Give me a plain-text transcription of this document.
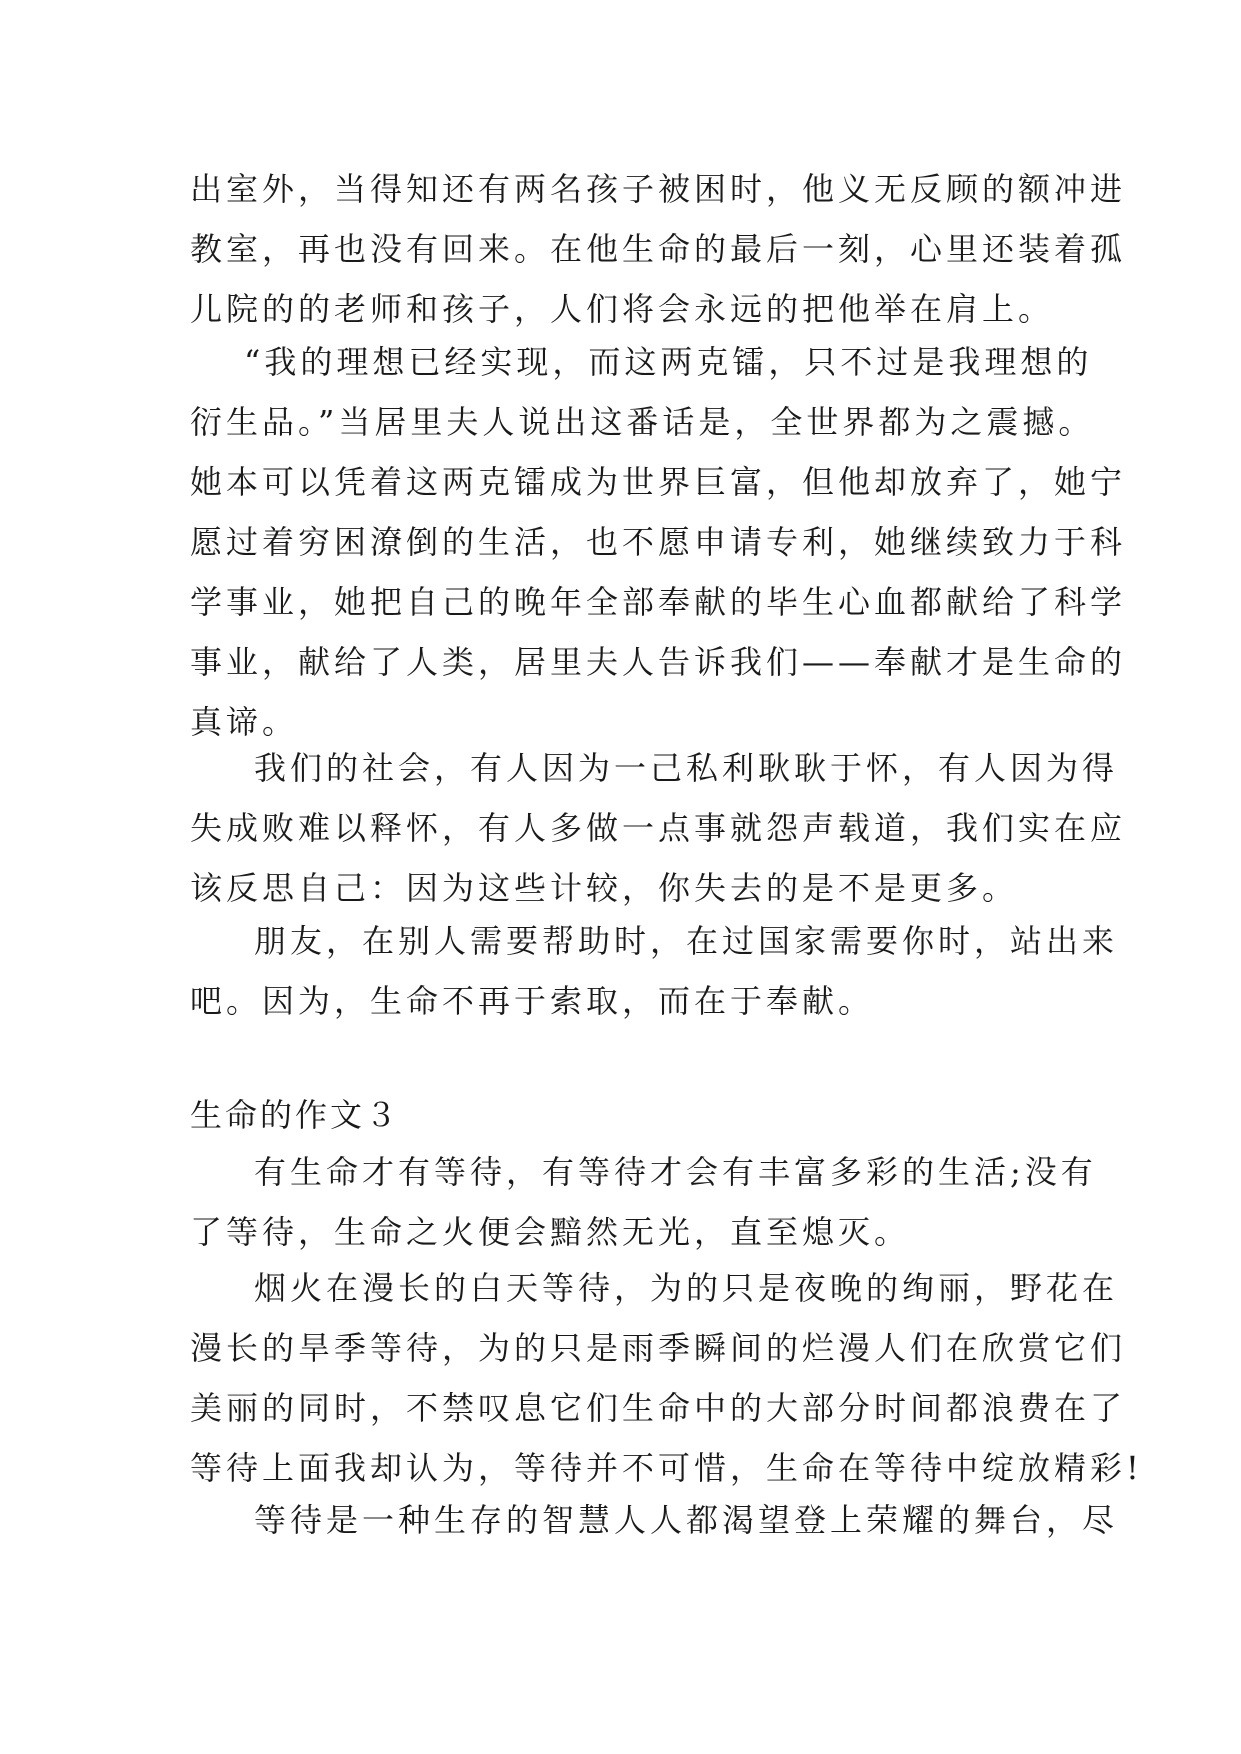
出室外，当得知还有两名孩子被困时，他义无反顾的额冲进
教室，再也没有回来。在他生命的最后一刻，心里还装着孤
儿院的的老师和孩子，人们将会永远的把他举在肩上。
“我的理想已经实现，而这两克镭，只不过是我理想的
衍生品。”当居里夫人说出这番话是，全世界都为之震撼。
她本可以凭着这两克镭成为世界巨富，但他却放弃了，她宁
愿过着穷困潦倒的生活，也不愿申请专利，她继续致力于科
学事业，她把自己的晚年全部奉献的毕生心血都献给了科学
事业，献给了人类，居里夫人告诉我们——奉献才是生命的
真谛。
我们的社会，有人因为一己私利耿耿于怀，有人因为得
失成败难以释怀，有人多做一点事就怨声载道，我们实在应
该反思自己：因为这些计较，你失去的是不是更多。
朋友，在别人需要帮助时，在过国家需要你时，站出来
吧。因为，生命不再于索取，而在于奉献。
生命的作文３
有生命才有等待，有等待才会有丰富多彩的生活;没有
了等待，生命之火便会黯然无光，直至熄灭。
烟火在漫长的白天等待，为的只是夜晚的绚丽，野花在
漫长的旱季等待，为的只是雨季瞬间的烂漫人们在欣赏它们
美丽的同时，不禁叹息它们生命中的大部分时间都浪费在了
等待上面我却认为，等待并不可惜，生命在等待中绽放精彩!
等待是一种生存的智慧人人都渴望登上荣耀的舞台，尽
